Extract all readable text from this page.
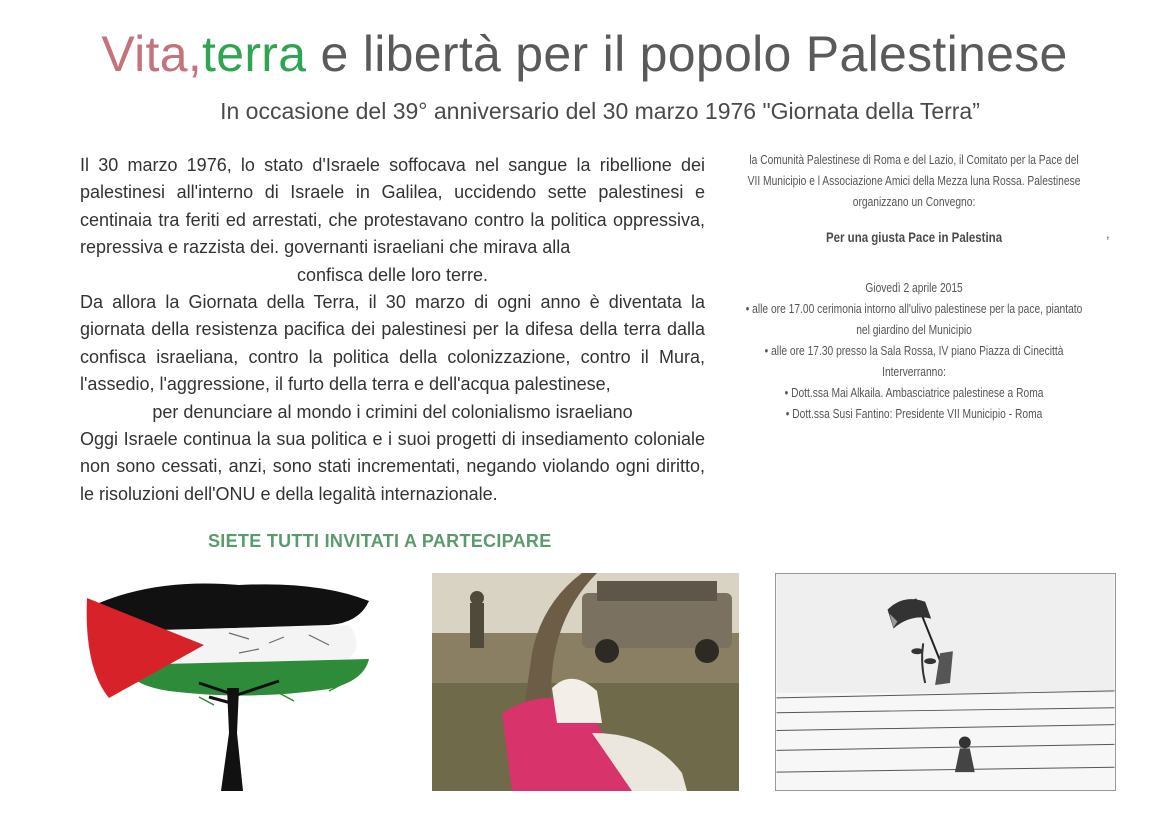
Vita,terra e libertà per il popolo Palestinese
In occasione del 39° anniversario del 30 marzo 1976 "Giornata della Terra”

Il 30 marzo 1976, lo stato d'Israele soffocava nel sangue la ribellione dei palestinesi all'interno di Israele in Galilea, uccidendo sette palestinesi e centinaia tra feriti ed arrestati, che protestavano contro la politica oppressiva, repressiva e razzista dei. governanti israeliani che mirava alla

confisca delle loro terre.

Da allora la Giornata della Terra, il 30 marzo di ogni anno è diventata la giornata della resistenza pacifica dei palestinesi per la difesa della terra dalla confisca israeliana, contro la politica della colonizzazione, contro il Mura, l'assedio, l'aggressione, il furto della terra e dell'acqua palestinese,

per denunciare al mondo i crimini del colonialismo israeliano

Oggi Israele continua la sua politica e i suoi progetti di insediamento coloniale non sono cessati, anzi, sono stati incrementati, negando violando ogni diritto, le risoluzioni dell'ONU e della legalità internazionale.

SIETE TUTTI INVITATI A PARTECIPARE
la Comunità Palestinese di Roma e del Lazio, il Comitato per la Pace del
VII Municipio e l Associazione Amici della Mezza luna Rossa. Palestinese
organizzano un Convegno:
Per una giusta Pace in Palestina
Giovedì 2 aprile 2015
• alle ore 17.00 cerimonia intorno all'ulivo palestinese per la pace, piantato
nel giardino del Municipio
• alle ore 17.30 presso la Sala Rossa, IV piano Piazza di Cinecittà
Interverranno:
• Dott.ssa Mai Alkaila. Ambasciatrice palestinese a Roma
• Dott.ssa Susi Fantino: Presidente VII Municipio - Roma
,
